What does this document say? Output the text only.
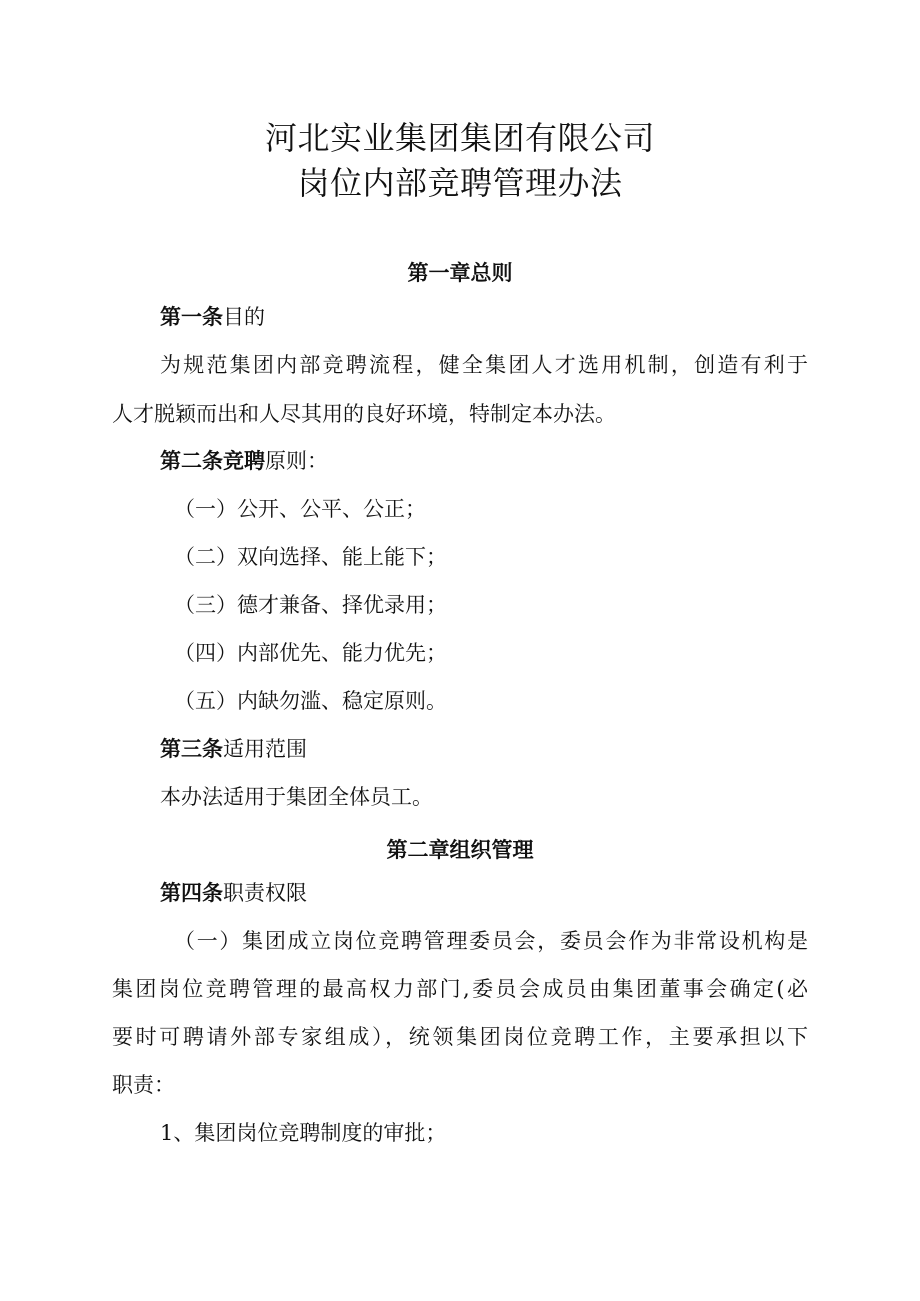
河北实业集团集团有限公司
岗位内部竞聘管理办法
第一章总则
第一条目的
为规范集团内部竞聘流程，健全集团人才选用机制，创造有利于
人才脱颖而出和人尽其用的良好环境，特制定本办法。
第二条竞聘原则：
（一）公开、公平、公正；
（二）双向选择、能上能下；
（三）德才兼备、择优录用；
（四）内部优先、能力优先；
（五）内缺勿滥、稳定原则。
第三条适用范围
本办法适用于集团全体员工。
第二章组织管理
第四条职责权限
（一）集团成立岗位竞聘管理委员会，委员会作为非常设机构是
集团岗位竞聘管理的最高权力部门,委员会成员由集团董事会确定(必
要时可聘请外部专家组成），统领集团岗位竞聘工作，主要承担以下
职责：
1、集团岗位竞聘制度的审批；
